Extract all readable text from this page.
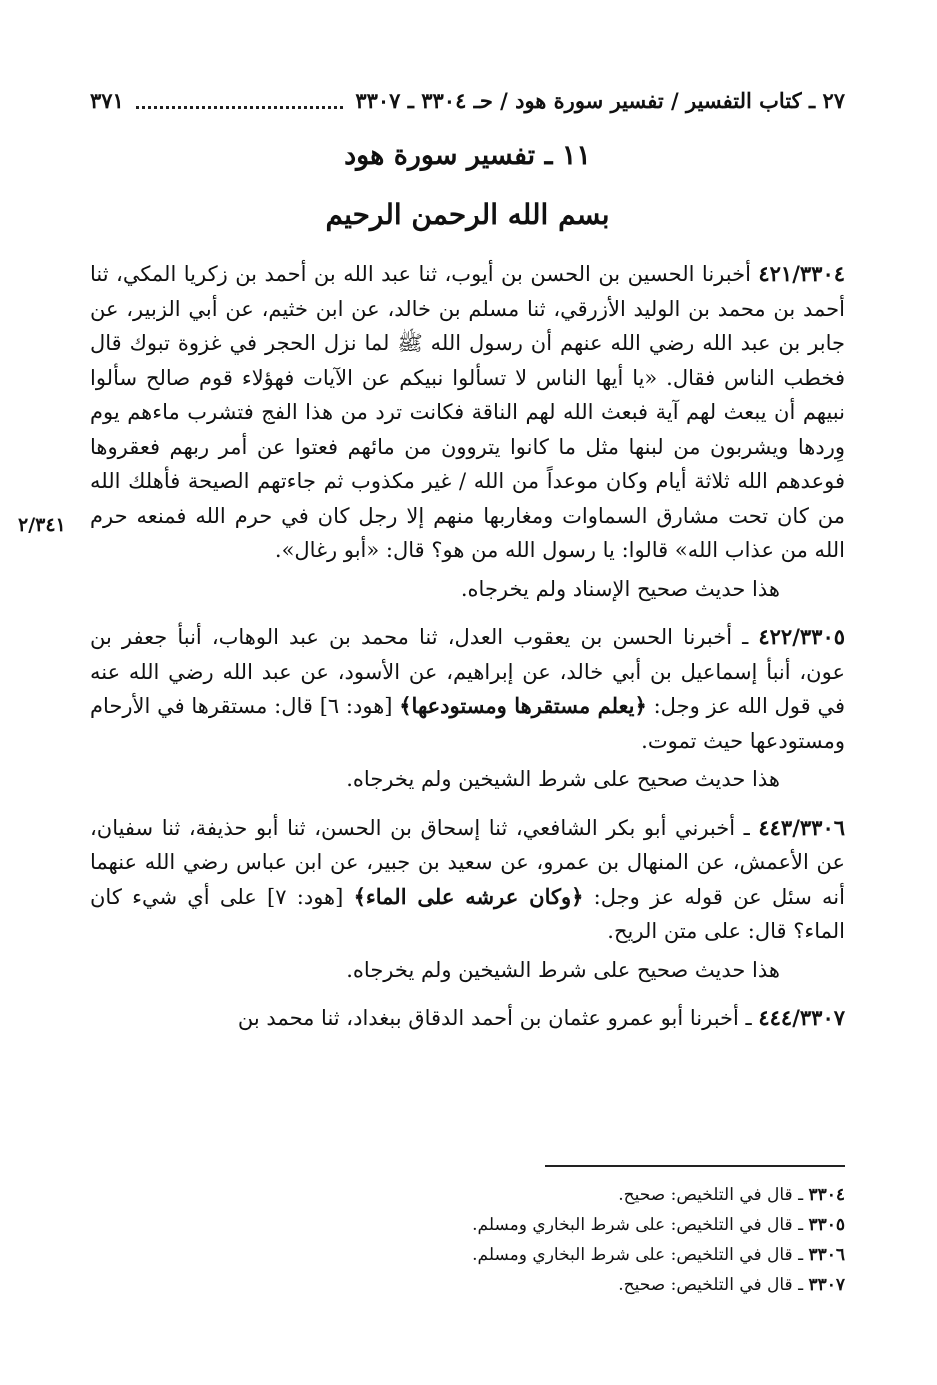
٢٧ ـ كتاب التفسير / تفسير سورة هود / حـ ٣٣٠٤ ـ ٣٣٠٧
٣٧١
١١ ـ تفسير سورة هود
بسم الله الرحمن الرحيم
٢/٣٤١

٤٢١/٣٣٠٤ أخبرنا الحسين بن الحسن بن أيوب، ثنا عبد الله بن أحمد بن زكريا المكي، ثنا أحمد بن محمد بن الوليد الأزرقي، ثنا مسلم بن خالد، عن ابن خثيم، عن أبي الزبير، عن جابر بن عبد الله رضي الله عنهم أن رسول الله ﷺ لما نزل الحجر في غزوة تبوك قال فخطب الناس فقال. «يا أيها الناس لا تسألوا نبيكم عن الآيات فهؤلاء قوم صالح سألوا نبيهم أن يبعث لهم آية فبعث الله لهم الناقة فكانت ترد من هذا الفج فتشرب ماءهم يوم وِردها ويشربون من لبنها مثل ما كانوا يتروون من مائهم فعتوا عن أمر ربهم فعقروها فوعدهم الله ثلاثة أيام وكان موعداً من الله / غير مكذوب ثم جاءتهم الصيحة فأهلك الله من كان تحت مشارق السماوات ومغاربها منهم إلا رجل كان في حرم الله فمنعه حرم الله من عذاب الله» قالوا: يا رسول الله من هو؟ قال: «أبو رغال».

هذا حديث صحيح الإسناد ولم يخرجاه.

٤٢٢/٣٣٠٥ ـ أخبرنا الحسن بن يعقوب العدل، ثنا محمد بن عبد الوهاب، أنبأ جعفر بن عون، أنبأ إسماعيل بن أبي خالد، عن إبراهيم، عن الأسود، عن عبد الله رضي الله عنه في قول الله عز وجل: ﴿يعلم مستقرها ومستودعها﴾ [هود: ٦] قال: مستقرها في الأرحام ومستودعها حيث تموت.

هذا حديث صحيح على شرط الشيخين ولم يخرجاه.

٤٤٣/٣٣٠٦ ـ أخبرني أبو بكر الشافعي، ثنا إسحاق بن الحسن، ثنا أبو حذيفة، ثنا سفيان، عن الأعمش، عن المنهال بن عمرو، عن سعيد بن جبير، عن ابن عباس رضي الله عنهما أنه سئل عن قوله عز وجل: ﴿وكان عرشه على الماء﴾ [هود: ٧] على أي شيء كان الماء؟ قال: على متن الريح.

هذا حديث صحيح على شرط الشيخين ولم يخرجاه.

٤٤٤/٣٣٠٧ ـ أخبرنا أبو عمرو عثمان بن أحمد الدقاق ببغداد، ثنا محمد بن

٣٣٠٤ ـ قال في التلخيص: صحيح.

٣٣٠٥ ـ قال في التلخيص: على شرط البخاري ومسلم.

٣٣٠٦ ـ قال في التلخيص: على شرط البخاري ومسلم.

٣٣٠٧ ـ قال في التلخيص: صحيح.
